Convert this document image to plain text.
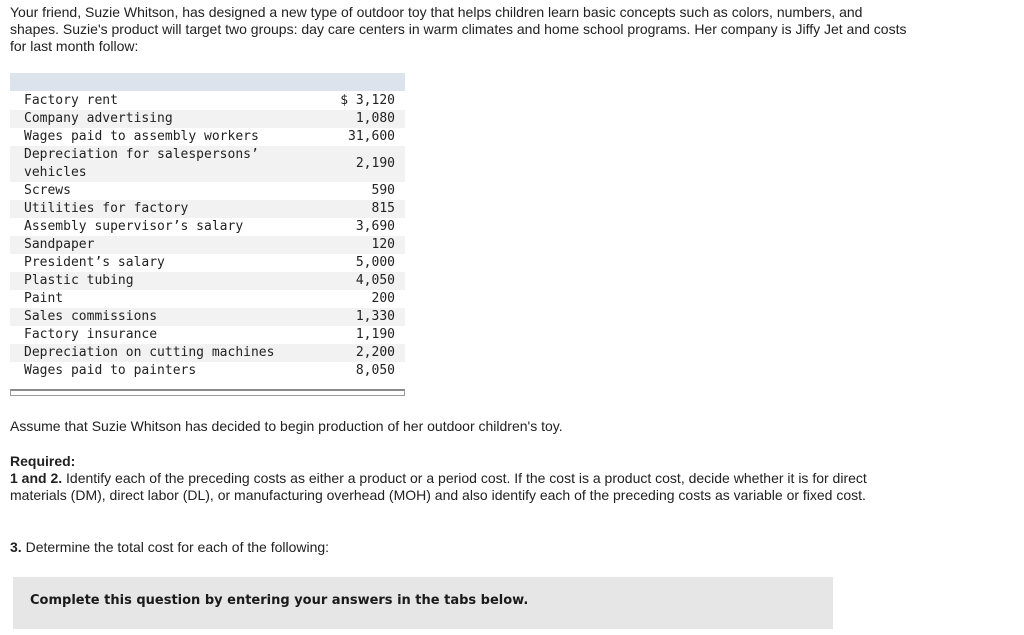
Your friend, Suzie Whitson, has designed a new type of outdoor toy that helps children learn basic concepts such as colors, numbers, and shapes. Suzie's product will target two groups: day care centers in warm climates and home school programs. Her company is Jiffy Jet and costs for last month follow:

Factory rent	$ 3,120
Company advertising	1,080
Wages paid to assembly workers	31,600
Depreciation for salespersons’
vehicles	2,190
Screws	590
Utilities for factory	815
Assembly supervisor’s salary	3,690
Sandpaper	120
President’s salary	5,000
Plastic tubing	4,050
Paint	200
Sales commissions	1,330
Factory insurance	1,190
Depreciation on cutting machines	2,200
Wages paid to painters	8,050

Assume that Suzie Whitson has decided to begin production of her outdoor children's toy.

Required:

1 and 2. Identify each of the preceding costs as either a product or a period cost. If the cost is a product cost, decide whether it is for direct materials (DM), direct labor (DL), or manufacturing overhead (MOH) and also identify each of the preceding costs as variable or fixed cost.

3. Determine the total cost for each of the following:

Complete this question by entering your answers in the tabs below.
